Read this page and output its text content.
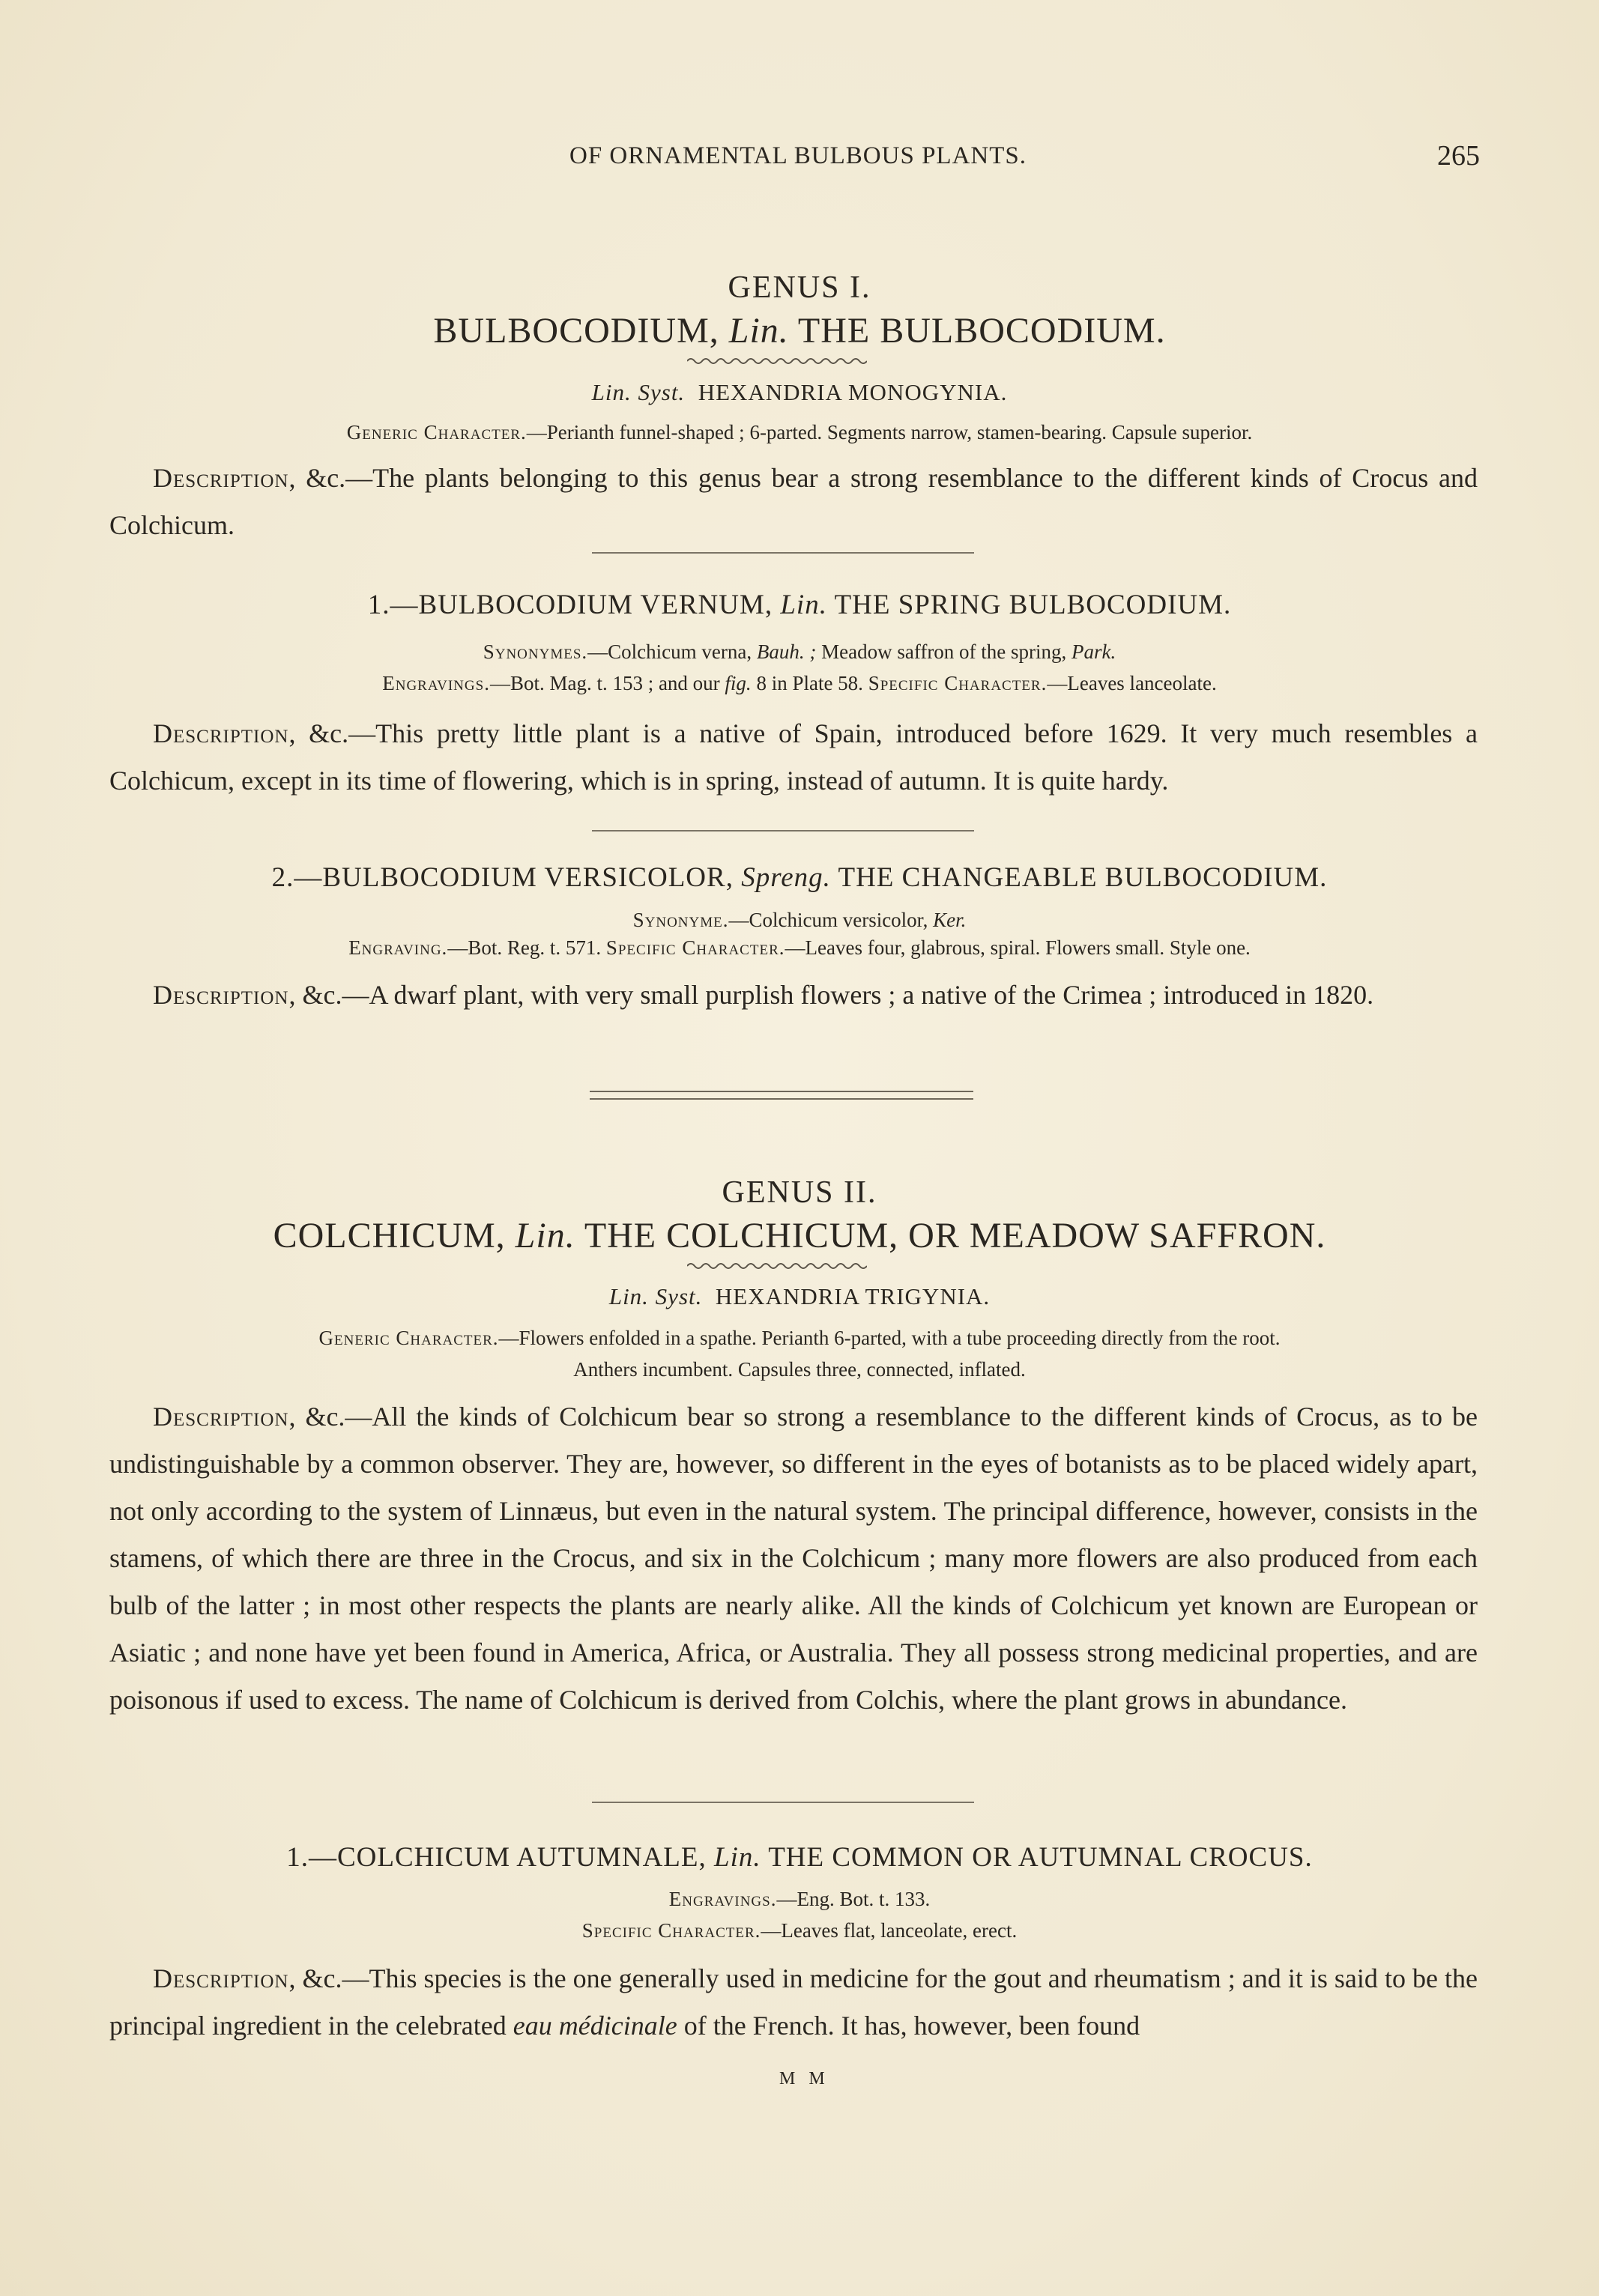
OF ORNAMENTAL BULBOUS PLANTS.	265
GENUS I.
BULBOCODIUM, Lin. THE BULBOCODIUM.
Lin. Syst. HEXANDRIA MONOGYNIA.
Generic Character.—Perianth funnel-shaped ; 6-parted. Segments narrow, stamen-bearing. Capsule superior.
Description, &c.—The plants belonging to this genus bear a strong resemblance to the different kinds of Crocus and Colchicum.
1.—BULBOCODIUM VERNUM, Lin. THE SPRING BULBOCODIUM.
Synonymes.—Colchicum verna, Bauh. ; Meadow saffron of the spring, Park.
Engravings.—Bot. Mag. t. 153 ; and our fig. 8 in Plate 58. Specific Character.—Leaves lanceolate.
Description, &c.—This pretty little plant is a native of Spain, introduced before 1629. It very much resembles a Colchicum, except in its time of flowering, which is in spring, instead of autumn. It is quite hardy.
2.—BULBOCODIUM VERSICOLOR, Spreng. THE CHANGEABLE BULBOCODIUM.
Synonyme.—Colchicum versicolor, Ker.
Engraving.—Bot. Reg. t. 571. Specific Character.—Leaves four, glabrous, spiral. Flowers small. Style one.
Description, &c.—A dwarf plant, with very small purplish flowers ; a native of the Crimea ; introduced in 1820.
GENUS II.
COLCHICUM, Lin. THE COLCHICUM, OR MEADOW SAFFRON.
Lin. Syst. HEXANDRIA TRIGYNIA.
Generic Character.—Flowers enfolded in a spathe. Perianth 6-parted, with a tube proceeding directly from the root.
Anthers incumbent. Capsules three, connected, inflated.
Description, &c.—All the kinds of Colchicum bear so strong a resemblance to the different kinds of Crocus, as to be undistinguishable by a common observer. They are, however, so different in the eyes of botanists as to be placed widely apart, not only according to the system of Linnæus, but even in the natural system. The principal difference, however, consists in the stamens, of which there are three in the Crocus, and six in the Colchicum ; many more flowers are also produced from each bulb of the latter ; in most other respects the plants are nearly alike. All the kinds of Colchicum yet known are European or Asiatic ; and none have yet been found in America, Africa, or Australia. They all possess strong medicinal properties, and are poisonous if used to excess. The name of Colchicum is derived from Colchis, where the plant grows in abundance.
1.—COLCHICUM AUTUMNALE, Lin. THE COMMON OR AUTUMNAL CROCUS.
Engravings.—Eng. Bot. t. 133.
Specific Character.—Leaves flat, lanceolate, erect.
Description, &c.—This species is the one generally used in medicine for the gout and rheumatism ; and it is said to be the principal ingredient in the celebrated eau médicinale of the French. It has, however, been found
M M
